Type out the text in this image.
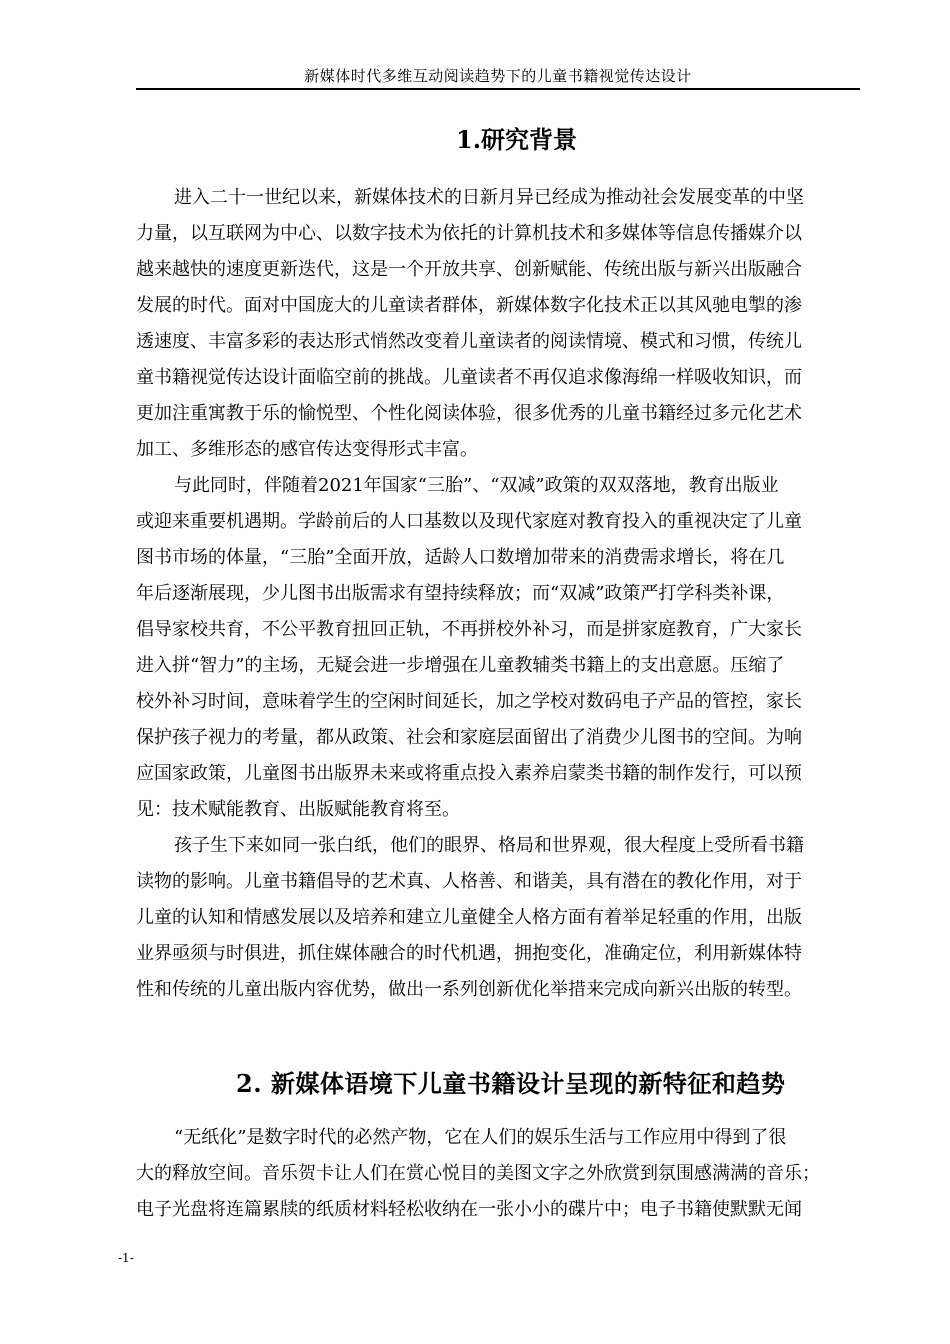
新媒体时代多维互动阅读趋势下的儿童书籍视觉传达设计
1.研究背景
进入二十一世纪以来，新媒体技术的日新月异已经成为推动社会发展变革的中坚
力量，以互联网为中心、以数字技术为依托的计算机技术和多媒体等信息传播媒介以
越来越快的速度更新迭代，这是一个开放共享、创新赋能、传统出版与新兴出版融合
发展的时代。面对中国庞大的儿童读者群体，新媒体数字化技术正以其风驰电掣的渗
透速度、丰富多彩的表达形式悄然改变着儿童读者的阅读情境、模式和习惯，传统儿
童书籍视觉传达设计面临空前的挑战。儿童读者不再仅追求像海绵一样吸收知识，而
更加注重寓教于乐的愉悦型、个性化阅读体验，很多优秀的儿童书籍经过多元化艺术
加工、多维形态的感官传达变得形式丰富。
与此同时，伴随着2021年国家“三胎”、“双减”政策的双双落地，教育出版业
或迎来重要机遇期。学龄前后的人口基数以及现代家庭对教育投入的重视决定了儿童
图书市场的体量，“三胎”全面开放，适龄人口数增加带来的消费需求增长，将在几
年后逐渐展现，少儿图书出版需求有望持续释放；而“双减”政策严打学科类补课，
倡导家校共育，不公平教育扭回正轨，不再拼校外补习，而是拼家庭教育，广大家长
进入拼“智力”的主场，无疑会进一步增强在儿童教辅类书籍上的支出意愿。压缩了
校外补习时间，意味着学生的空闲时间延长，加之学校对数码电子产品的管控，家长
保护孩子视力的考量，都从政策、社会和家庭层面留出了消费少儿图书的空间。为响
应国家政策，儿童图书出版界未来或将重点投入素养启蒙类书籍的制作发行，可以预
见：技术赋能教育、出版赋能教育将至。
孩子生下来如同一张白纸，他们的眼界、格局和世界观，很大程度上受所看书籍
读物的影响。儿童书籍倡导的艺术真、人格善、和谐美，具有潜在的教化作用，对于
儿童的认知和情感发展以及培养和建立儿童健全人格方面有着举足轻重的作用，出版
业界亟须与时俱进，抓住媒体融合的时代机遇，拥抱变化，准确定位，利用新媒体特
性和传统的儿童出版内容优势，做出一系列创新优化举措来完成向新兴出版的转型。
2. 新媒体语境下儿童书籍设计呈现的新特征和趋势
“无纸化”是数字时代的必然产物，它在人们的娱乐生活与工作应用中得到了很
大的释放空间。音乐贺卡让人们在赏心悦目的美图文字之外欣赏到氛围感满满的音乐；
电子光盘将连篇累牍的纸质材料轻松收纳在一张小小的碟片中；电子书籍使默默无闻
-1-
